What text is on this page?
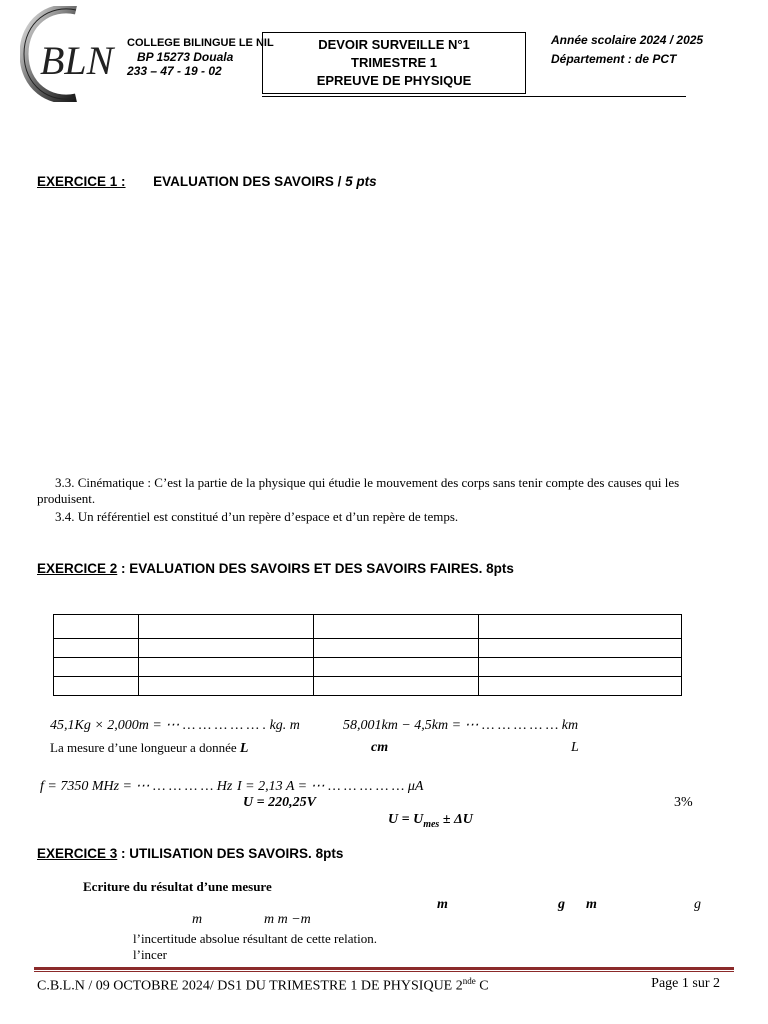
BLN COLLEGE BILINGUE LE NIL
BP 15273 Douala
233 – 47 - 19 - 02
DEVOIR SURVEILLE N°1
TRIMESTRE 1
EPREUVE DE PHYSIQUE
Année scolaire 2024 / 2025
Département : de PCT
EXERCICE 1 : EVALUATION DES SAVOIRS / 5 pts
3.3. Cinématique : C’est la partie de la physique qui étudie le mouvement des corps sans tenir compte des causes qui les produisent.
3.4. Un référentiel est constitué d’un repère d’espace et d’un repère de temps.
EXERCICE 2 : EVALUATION DES SAVOIRS ET DES SAVOIRS FAIRES. 8pts

45,1Kg × 2,000m = ⋯ … … … … … . kg. m	58,001km − 4,5km = ⋯ … … … … … km
La mesure d’une longueur a donnée L	cm	L
f = 7350 MHz = ⋯ … … … … Hz I = 2,13 A = ⋯ … … … … … μA
U = 220,25V	3%
$U = U_{mes} \pm \Delta U$
EXERCICE 3 : UTILISATION DES SAVOIRS. 8pts
Ecriture du résultat d’une mesure
m	g m	g
m	m m −m
l’incertitude absolue résultant de cette relation.
l’incer
C.B.L.N / 09 OCTOBRE 2024/ DS1 DU TRIMESTRE 1 DE PHYSIQUE 2nde C	Page 1 sur 2
